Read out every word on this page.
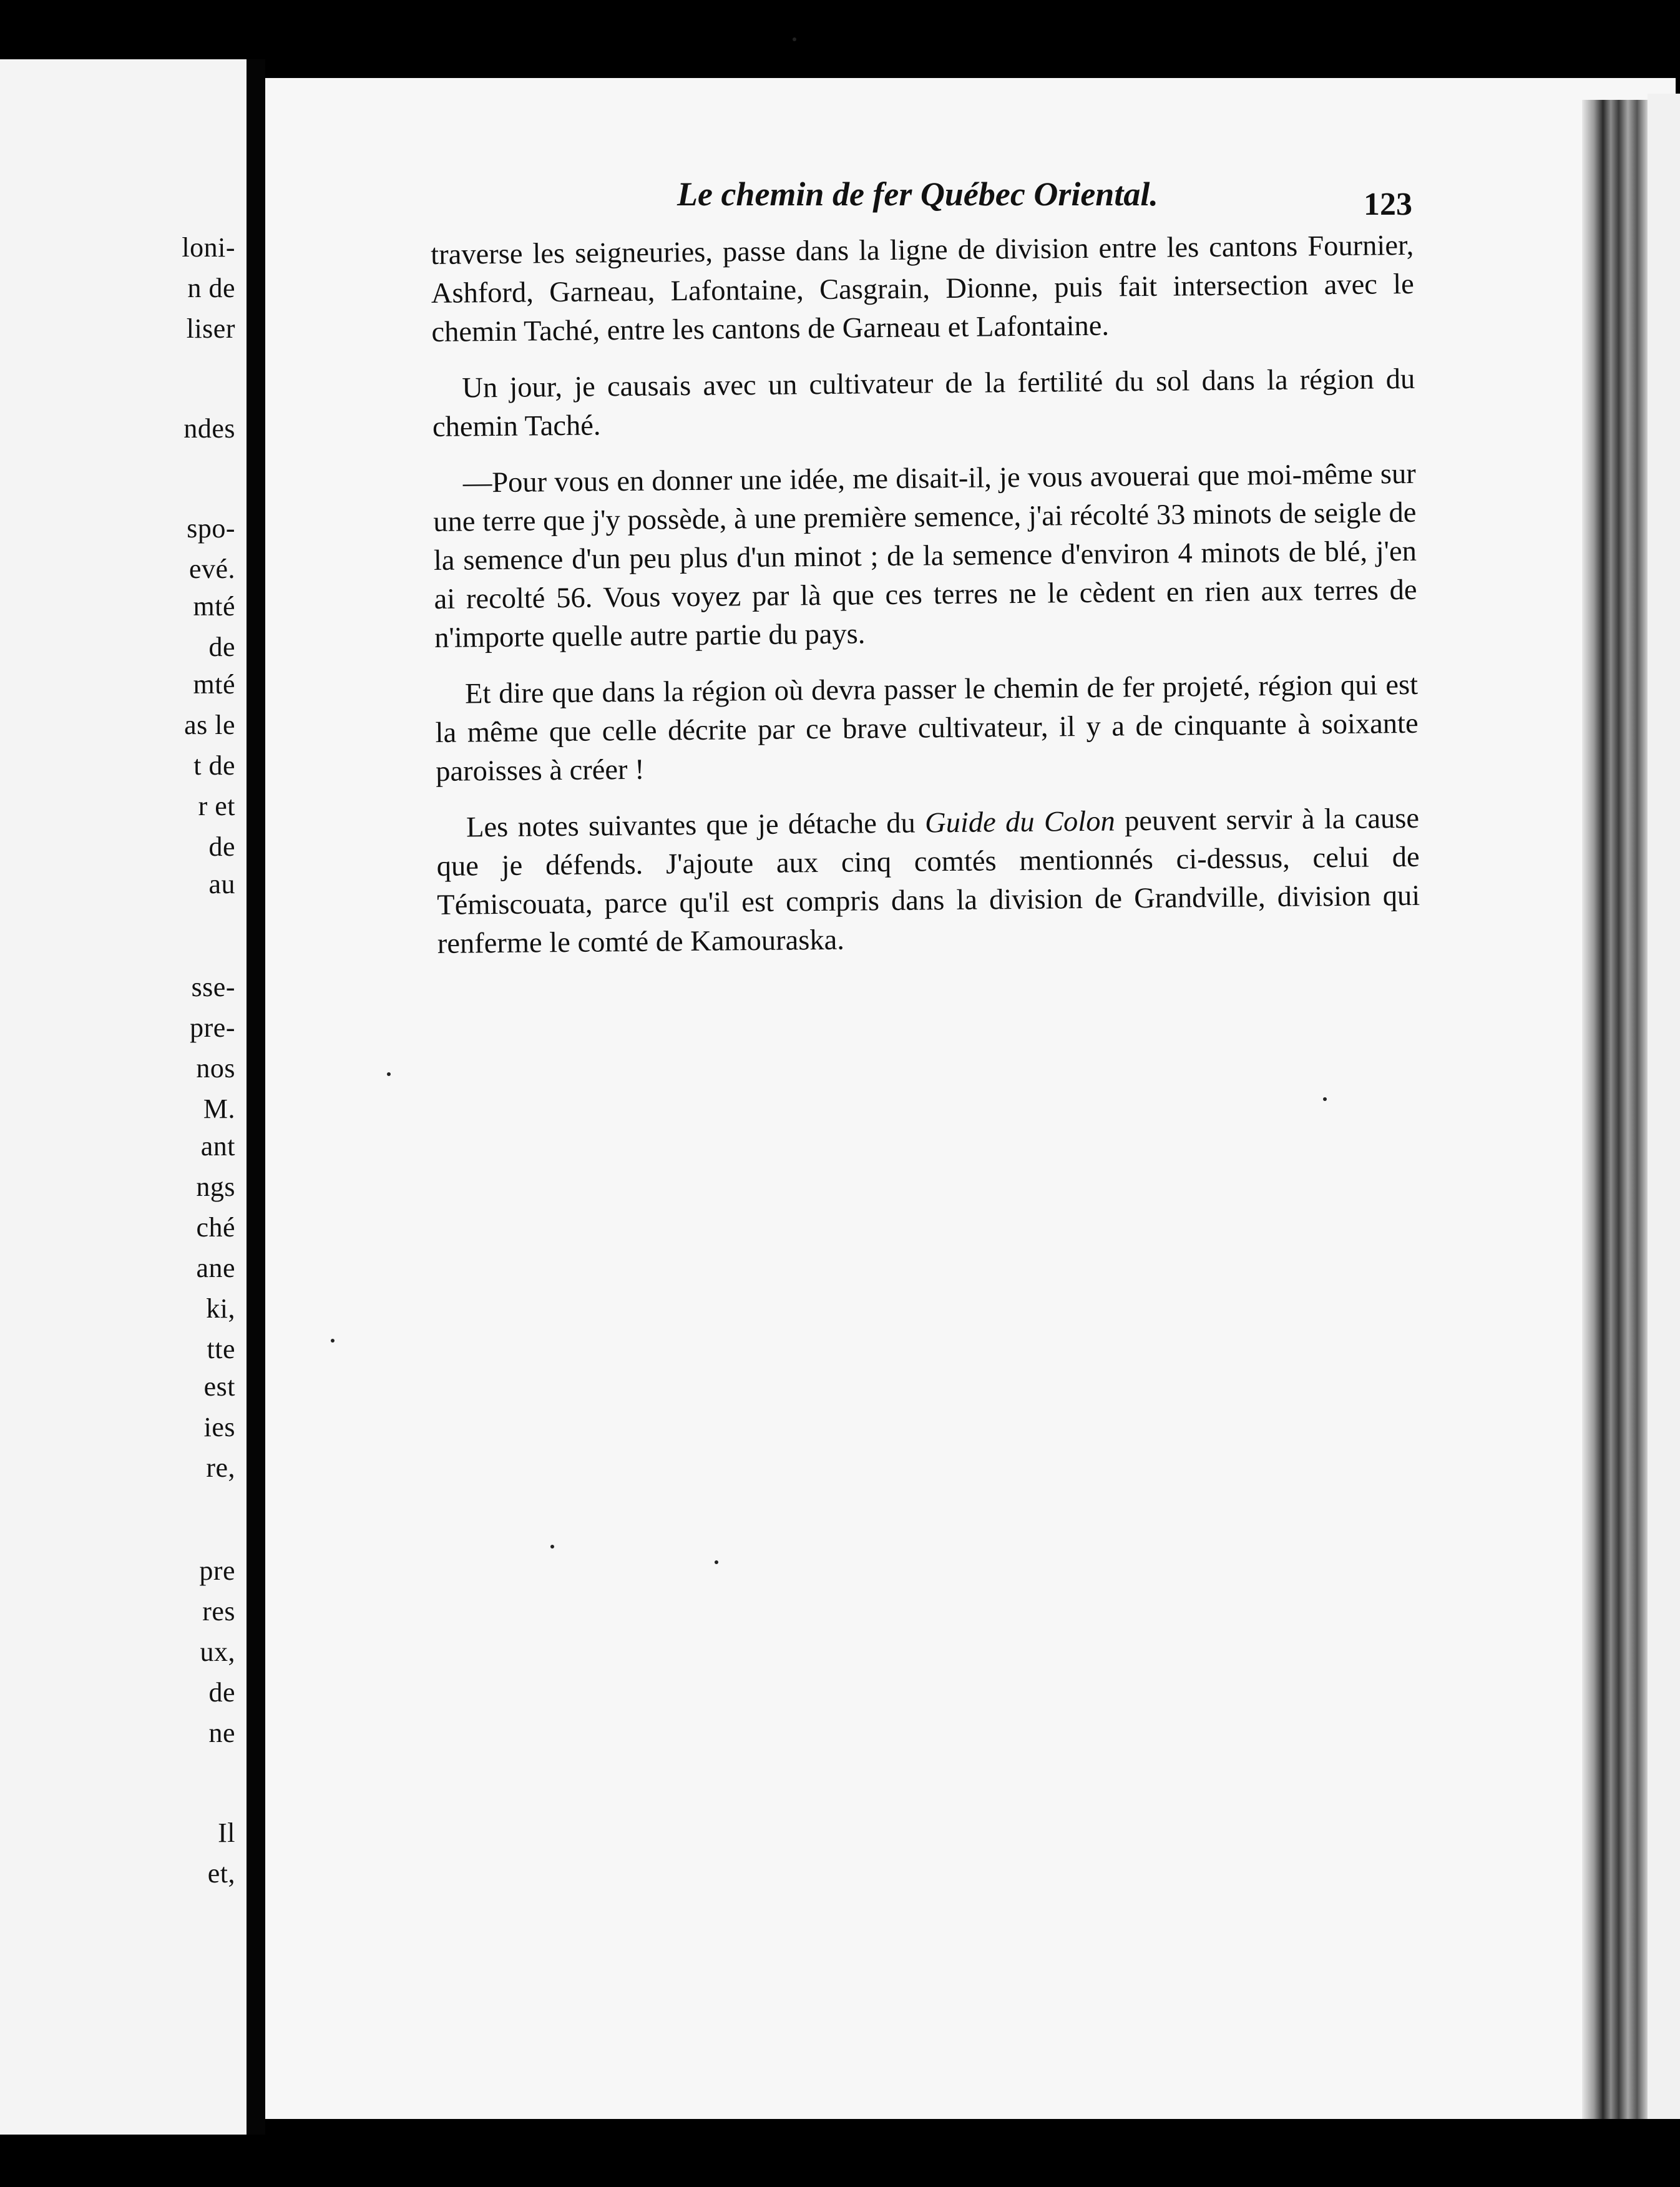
loni-
n de
liser
ndes
spo-
evé.
mté
de
mté
as le
t de
r et
de
au
sse-
pre-
nos
M.
ant
ngs
ché
ane
ki,
tte
est
ies
re,
pre
res
ux,
de
ne
Il
et,
Le chemin de fer Québec Oriental.	123

traverse les seigneuries, passe dans la ligne de division entre les cantons Fournier, Ashford, Garneau, Lafontaine, Casgrain, Dionne, puis fait intersection avec le chemin Taché, entre les cantons de Garneau et Lafontaine.

Un jour, je causais avec un cultivateur de la fertilité du sol dans la région du chemin Taché.

—Pour vous en donner une idée, me disait-il, je vous avouerai que moi-même sur une terre que j'y possède, à une première semence, j'ai récolté 33 minots de seigle de la semence d'un peu plus d'un minot ; de la semence d'environ 4 minots de blé, j'en ai recolté 56. Vous voyez par là que ces terres ne le cèdent en rien aux terres de n'importe quelle autre partie du pays.

Et dire que dans la région où devra passer le chemin de fer projeté, région qui est la même que celle décrite par ce brave cultivateur, il y a de cinquante à soixante paroisses à créer !

Les notes suivantes que je détache du Guide du Colon peuvent servir à la cause que je défends. J'ajoute aux cinq comtés mentionnés ci-dessus, celui de Témiscouata, parce qu'il est compris dans la division de Grandville, division qui renferme le comté de Kamouraska.
